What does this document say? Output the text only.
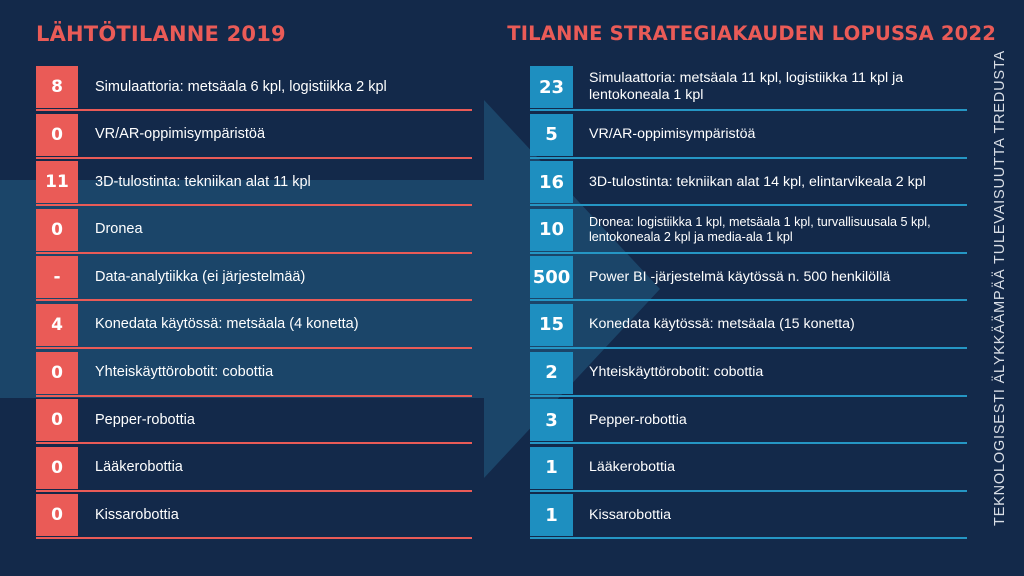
LÄHTÖTILANNE 2019	TILANNE STRATEGIAKAUDEN LOPUSSA 2022
8	Simulaattoria: metsäala 6 kpl, logistiikka 2 kpl
0	VR/AR-oppimisympäristöä
11	3D-tulostinta: tekniikan alat 11 kpl
0	Dronea
-	Data-analytiikka (ei järjestelmää)
4	Konedata käytössä: metsäala (4 konetta)
0	Yhteiskäyttörobotit: cobottia
0	Pepper-robottia
0	Lääkerobottia
0	Kissarobottia
23	Simulaattoria: metsäala 11 kpl, logistiikka 11 kpl ja lentokoneala 1 kpl
5	VR/AR-oppimisympäristöä
16	3D-tulostinta: tekniikan alat 14 kpl, elintarvikeala 2 kpl
10	Dronea: logistiikka 1 kpl, metsäala 1 kpl, turvallisuusala 5 kpl, lentokoneala 2 kpl ja media-ala 1 kpl
500 Power BI -järjestelmä käytössä n. 500 henkilöllä
15	Konedata käytössä: metsäala (15 konetta)
2	Yhteiskäyttörobotit: cobottia
3	Pepper-robottia
1	Lääkerobottia
1	Kissarobottia	TEKNOLOGISESTI ÄLYKKÄÄMPÄÄ TULEVAISUUTTA TREDUSTA
